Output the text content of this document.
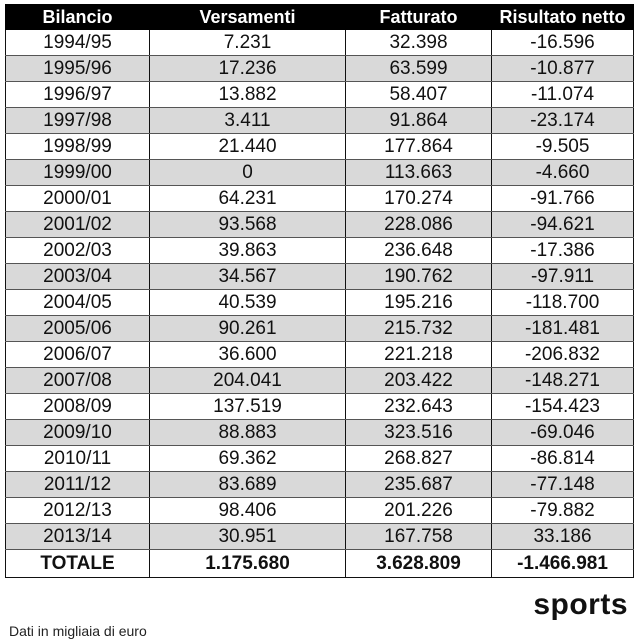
Bilancio	Versamenti	Fatturato	Risultato netto
1994/95	7.231	32.398	-16.596
1995/96	17.236	63.599	-10.877
1996/97	13.882	58.407	-11.074
1997/98	3.411	91.864	-23.174
1998/99	21.440	177.864	-9.505
1999/00	0	113.663	-4.660
2000/01	64.231	170.274	-91.766
2001/02	93.568	228.086	-94.621
2002/03	39.863	236.648	-17.386
2003/04	34.567	190.762	-97.911
2004/05	40.539	195.216	-118.700
2005/06	90.261	215.732	-181.481
2006/07	36.600	221.218	-206.832
2007/08	204.041	203.422	-148.271
2008/09	137.519	232.643	-154.423
2009/10	88.883	323.516	-69.046
2010/11	69.362	268.827	-86.814
2011/12	83.689	235.687	-77.148
2012/13	98.406	201.226	-79.882
2013/14	30.951	167.758	33.186
TOTALE	1.175.680	3.628.809	-1.466.981
Dati in migliaia di euro
sports
